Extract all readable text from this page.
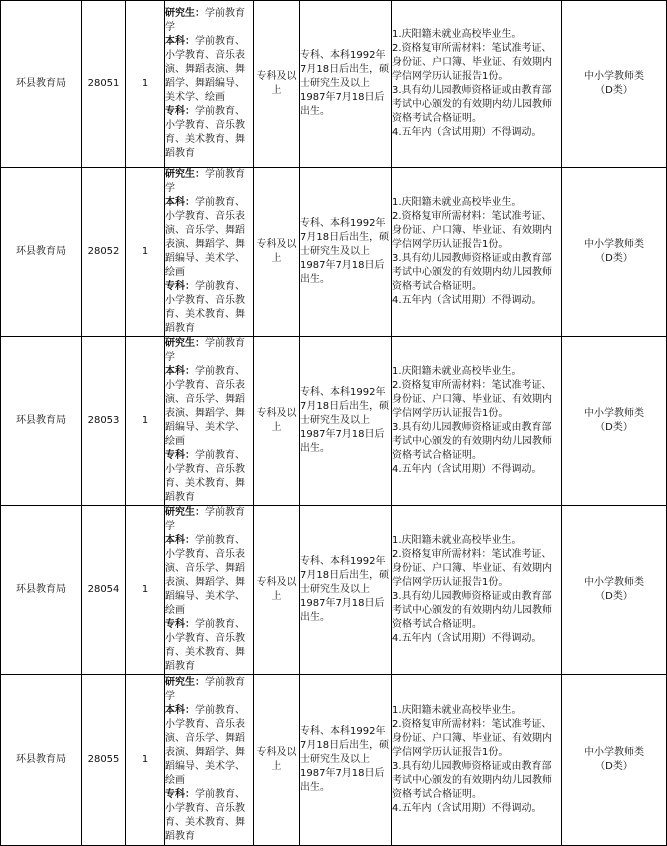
环县教育局	28051	1	研究生：学前教育学
本科：学前教育、小学教育、音乐表演、舞蹈表演、舞蹈学、舞蹈编导、美术学、绘画
专科：学前教育、小学教育、音乐教育、美术教育、舞蹈教育	专科及以上	专科、本科1992年7月18日后出生，硕士研究生及以上1987年7月18日后出生。	1.庆阳籍未就业高校毕业生。
2.资格复审所需材料：笔试准考证、身份证、户口簿、毕业证、有效期内学信网学历认证报告1份。
3.具有幼儿园教师资格证或由教育部考试中心颁发的有效期内幼儿园教师资格考试合格证明。
4.五年内（含试用期）不得调动。	中小学教师类
（D类）

环县教育局	28052	1	研究生：学前教育学
本科：学前教育、小学教育、音乐表演、音乐学、舞蹈表演、舞蹈学、舞蹈编导、美术学、绘画
专科：学前教育、小学教育、音乐教育、美术教育、舞蹈教育	专科及以上	专科、本科1992年7月18日后出生，硕士研究生及以上1987年7月18日后出生。	1.庆阳籍未就业高校毕业生。
2.资格复审所需材料：笔试准考证、身份证、户口簿、毕业证、有效期内学信网学历认证报告1份。
3.具有幼儿园教师资格证或由教育部考试中心颁发的有效期内幼儿园教师资格考试合格证明。
4.五年内（含试用期）不得调动。	中小学教师类
（D类）

环县教育局	28053	1	研究生：学前教育学
本科：学前教育、小学教育、音乐表演、音乐学、舞蹈表演、舞蹈学、舞蹈编导、美术学、绘画
专科：学前教育、小学教育、音乐教育、美术教育、舞蹈教育	专科及以上	专科、本科1992年7月18日后出生，硕士研究生及以上1987年7月18日后出生。	1.庆阳籍未就业高校毕业生。
2.资格复审所需材料：笔试准考证、身份证、户口簿、毕业证、有效期内学信网学历认证报告1份。
3.具有幼儿园教师资格证或由教育部考试中心颁发的有效期内幼儿园教师资格考试合格证明。
4.五年内（含试用期）不得调动。	中小学教师类
（D类）

环县教育局	28054	1	研究生：学前教育学
本科：学前教育、小学教育、音乐表演、音乐学、舞蹈表演、舞蹈学、舞蹈编导、美术学、绘画
专科：学前教育、小学教育、音乐教育、美术教育、舞蹈教育	专科及以上	专科、本科1992年7月18日后出生，硕士研究生及以上1987年7月18日后出生。	1.庆阳籍未就业高校毕业生。
2.资格复审所需材料：笔试准考证、身份证、户口簿、毕业证、有效期内学信网学历认证报告1份。
3.具有幼儿园教师资格证或由教育部考试中心颁发的有效期内幼儿园教师资格考试合格证明。
4.五年内（含试用期）不得调动。	中小学教师类
（D类）

环县教育局	28055	1	研究生：学前教育学
本科：学前教育、小学教育、音乐表演、音乐学、舞蹈表演、舞蹈学、舞蹈编导、美术学、绘画
专科：学前教育、小学教育、音乐教育、美术教育、舞蹈教育	专科及以上	专科、本科1992年7月18日后出生，硕士研究生及以上1987年7月18日后出生。	1.庆阳籍未就业高校毕业生。
2.资格复审所需材料：笔试准考证、身份证、户口簿、毕业证、有效期内学信网学历认证报告1份。
3.具有幼儿园教师资格证或由教育部考试中心颁发的有效期内幼儿园教师资格考试合格证明。
4.五年内（含试用期）不得调动。	中小学教师类
（D类）
